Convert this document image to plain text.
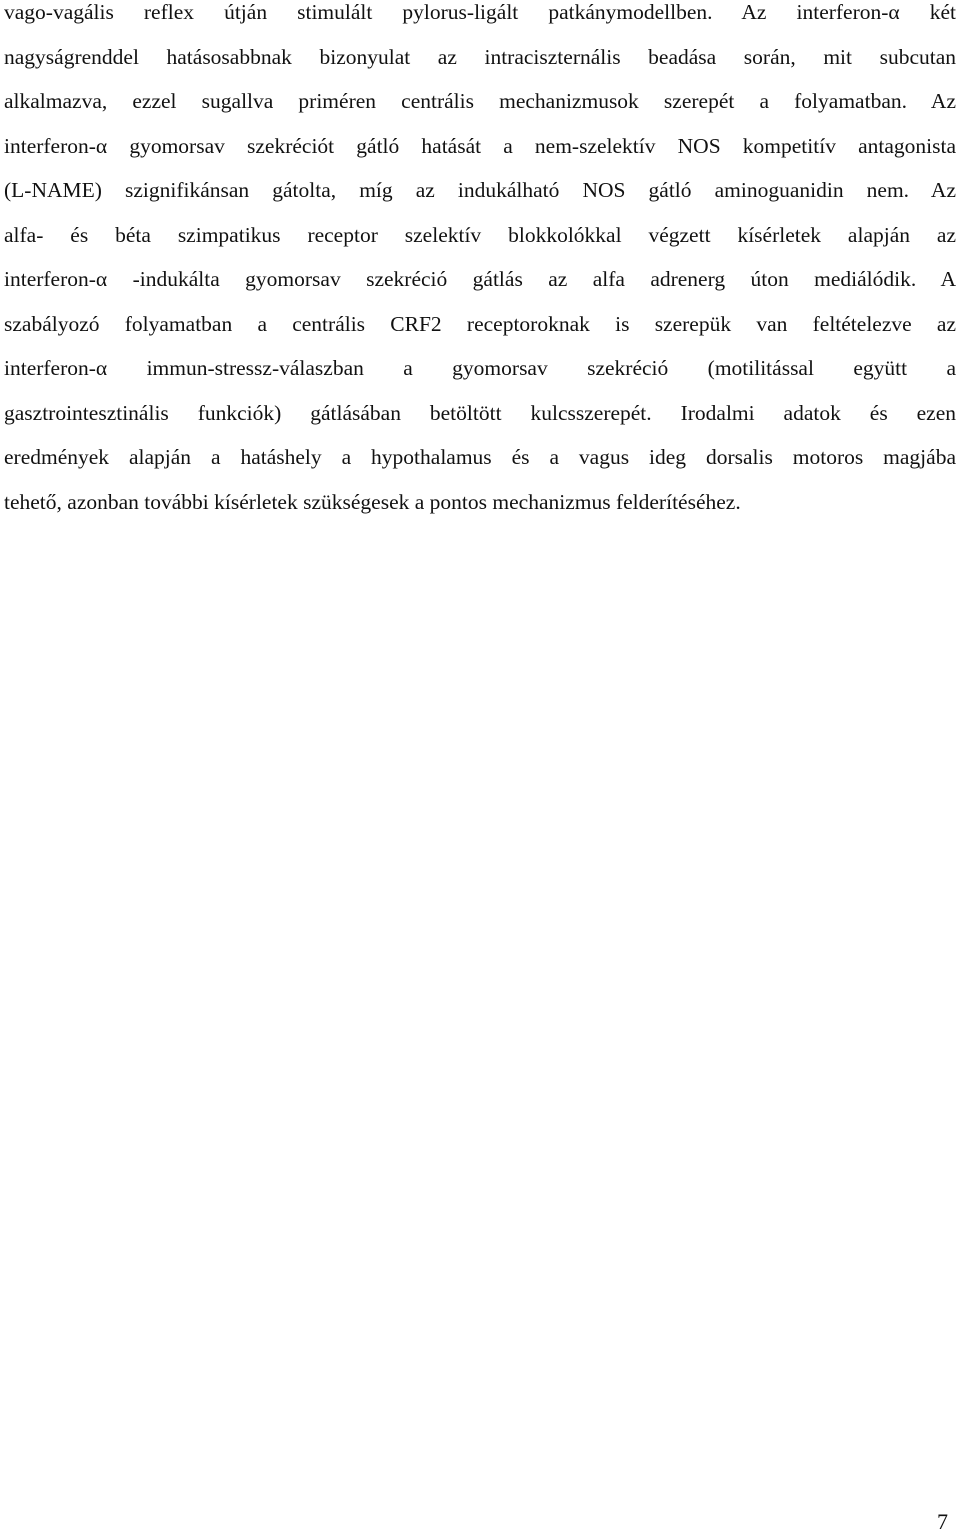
vago-vagális reflex útján stimulált pylorus-ligált patkánymodellben. Az interferon-α két
nagyságrenddel hatásosabbnak bizonyulat az intraciszternális beadása során, mit subcutan
alkalmazva, ezzel sugallva priméren centrális mechanizmusok szerepét a folyamatban. Az
interferon-α gyomorsav szekréciót gátló hatását a nem-szelektív NOS kompetitív antagonista
(L-NAME) szignifikánsan gátolta, míg az indukálható NOS gátló aminoguanidin nem. Az
alfa- és béta szimpatikus receptor szelektív blokkolókkal végzett kísérletek alapján az
interferon-α -indukálta gyomorsav szekréció gátlás az alfa adrenerg úton mediálódik. A
szabályozó folyamatban a centrális CRF2 receptoroknak is szerepük van feltételezve az
interferon-α immun-stressz-válaszban a gyomorsav szekréció (motilitással együtt a
gasztrointesztinális funkciók) gátlásában betöltött kulcsszerepét. Irodalmi adatok és ezen
eredmények alapján a hatáshely a hypothalamus és a vagus ideg dorsalis motoros magjába
tehető, azonban további kísérletek szükségesek a pontos mechanizmus felderítéséhez.
7
